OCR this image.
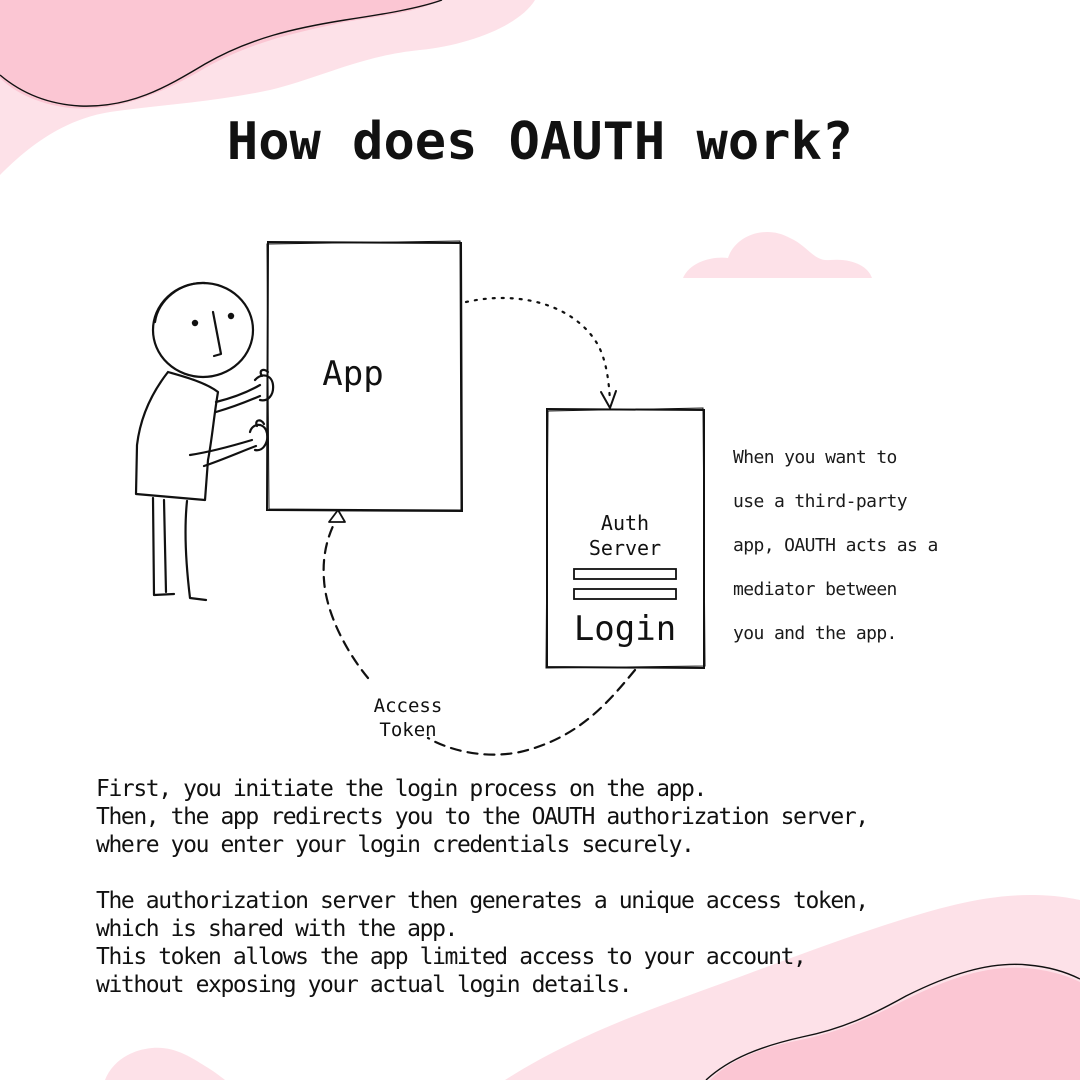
How does OAUTH work?
App
Auth
Server
Login
Access
Token

When you want to

use a third-party

app, OAUTH acts as a

mediator between

you and the app.

First, you initiate the login process on the app.
Then, the app redirects you to the OAUTH authorization server,
where you enter your login credentials securely.
The authorization server then generates a unique access token,
which is shared with the app.
This token allows the app limited access to your account,
without exposing your actual login details.
